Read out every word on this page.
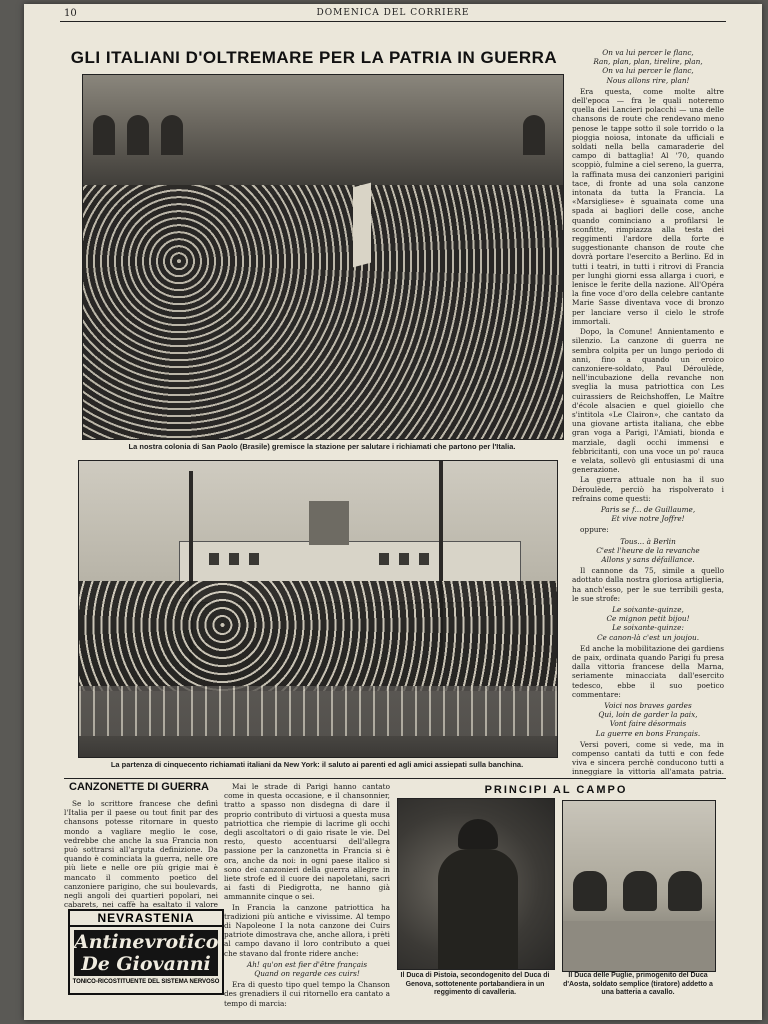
10	DOMENICA DEL CORRIERE
GLI ITALIANI D'OLTREMARE PER LA PATRIA IN GUERRA
La nostra colonia di San Paolo (Brasile) gremisce la stazione per salutare i richiamati che partono per l'Italia.
La partenza di cinquecento richiamati italiani da New York: il saluto ai parenti ed agli amici assiepati sulla banchina.

On va lui percer le flanc,
Ran, plan, plan, tirelire, plan,
On va lui percer le flanc,
Nous allons rire, plan!

Era questa, come molte altre dell'epoca — fra le quali noteremo quella dei Lancieri polacchi — una delle chansons de route che rendevano meno penose le tappe sotto il sole torrido o la pioggia noiosa, intonate da ufficiali e soldati nella bella camaraderie del campo di battaglia! Al '70, quando scoppiò, fulmine a ciel sereno, la guerra, la raffinata musa dei canzonieri parigini tace, di fronte ad una sola canzone intonata da tutta la Francia. La «Marsigliese» è sguainata come una spada ai bagliori delle cose, anche quando cominciano a profilarsi le sconfitte, rimpiazza alla testa dei reggimenti l'ardore della forte e suggestionante chanson de route che dovrà portare l'esercito a Berlino. Ed in tutti i teatri, in tutti i ritrovi di Francia per lunghi giorni essa allarga i cuori, e lenisce le ferite della nazione. All'Opéra la fine voce d'oro della celebre cantante Marie Sasse diventava voce di bronzo per lanciare verso il cielo le strofe immortali.

Dopo, la Comune! Annientamento e silenzio. La canzone di guerra ne sembra colpita per un lungo periodo di anni, fino a quando un eroico canzoniere-soldato, Paul Déroulède, nell'incubazione della revanche non sveglia la musa patriottica con Les cuirassiers de Reichshoffen, Le Maître d'école alsacien e quel gioiello che s'intitola «Le Clairon», che cantato da una giovane artista italiana, che ebbe gran voga a Parigi, l'Amiati, bionda e marziale, dagli occhi immensi e febbricitanti, con una voce un po' rauca e velata, sollevò gli entusiasmi di una generazione.

La guerra attuale non ha il suo Déroulède, perciò ha rispolverato i refrains come questi:

Paris se f... de Guillaume,
Et vive notre Joffre!

oppure:

Tous... à Berlin
C'est l'heure de la revanche
Allons y sans défaillance.

Il cannone da 75, simile a quello adottato dalla nostra gloriosa artiglieria, ha anch'esso, per le sue terribili gesta, le sue strofe:

Le soixante-quinze,
Ce mignon petit bijou!
Le soixante-quinze:
Ce canon-là c'est un joujou.

Ed anche la mobilitazione dei gardiens de paix, ordinata quando Parigi fu presa dalla vittoria francese della Marna, seriamente minacciata dall'esercito tedesco, ebbe il suo poetico commentare:

Voici nos braves gardes
Qui, loin de garder la paix,
Vont faire désormais
La guerre en bons Français.

Versi poveri, come si vede, ma in compenso cantati da tutti e con fede viva e sincera perchè conducono tutti a inneggiare la vittoria all'amata patria.

CANZONETTE DI GUERRA

Se lo scrittore francese che definì l'Italia per il paese ou tout finit par des chansons potesse ritornare in questo mondo a vagliare meglio le cose, vedrebbe che anche la sua Francia non può sottrarsi all'arguta definizione. Da quando è cominciata la guerra, nelle ore più liete e nelle ore più grigie mai è mancato il commento poetico del canzoniere parigino, che sui boulevards, negli angoli dei quartieri popolari, nei cabarets, nei caffè ha esaltato il valore

Mai le strade di Parigi hanno cantato come in questa occasione, e il chansonnier, tratto a spasso non disdegna di dare il proprio contributo di virtuosi a questa musa patriottica che riempie di lacrime gli occhi degli ascoltatori o di gaio risate le vie. Del resto, questo accentuarsi dell'allegra passione per la canzonetta in Francia si è ora, anche da noi: in ogni paese italico si sono dei canzonieri della guerra allegre in liete strofe ed il cuore dei napoletani, sacri ai fasti di Piedigrotta, ne hanno già ammannite cinque o sei.

In Francia la canzone patriottica ha tradizioni più antiche e vivissime. Al tempo di Napoleone I la nota canzone dei Cuirs patriote dimostrava che, anche allora, i prèti al campo davano il loro contributo a quei che stavano dal fronte ridere anche:

Ah! qu'on est fier d'être français
Quand on regarde ces cuirs!

Era di questo tipo quel tempo la Chanson des grenadiers il cui ritornello era cantato a tempo di marcia:

NEVRASTENIA
Antinevrotico De Giovanni
TONICO-RICOSTITUENTE DEL SISTEMA NERVOSO
PRINCIPI AL CAMPO
Il Duca di Pistoia, secondogenito del Duca di Genova, sottotenente portabandiera in un reggimento di cavalleria.
Il Duca delle Puglie, primogenito del Duca d'Aosta, soldato semplice (tiratore) addetto a una batteria a cavallo.
